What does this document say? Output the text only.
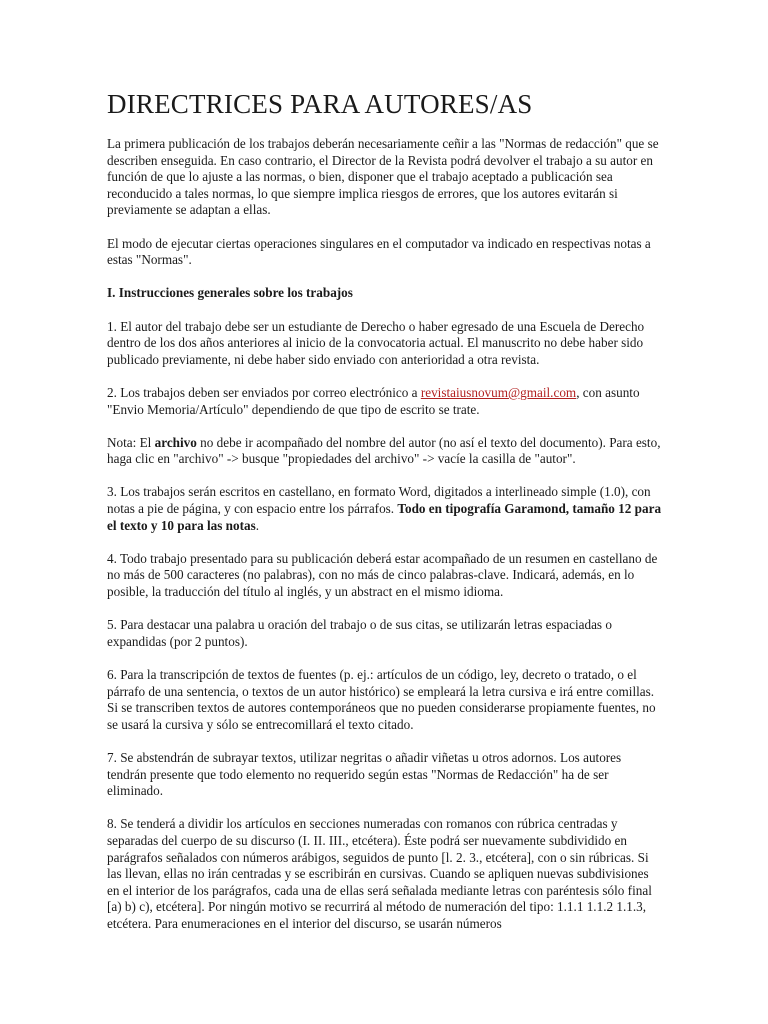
DIRECTRICES PARA AUTORES/AS

La primera publicación de los trabajos deberán necesariamente ceñir a las "Normas de redacción" que se describen enseguida. En caso contrario, el Director de la Revista podrá devolver el trabajo a su autor en función de que lo ajuste a las normas, o bien, disponer que el trabajo aceptado a publicación sea reconducido a tales normas, lo que siempre implica riesgos de errores, que los autores evitarán si previamente se adaptan a ellas.

El modo de ejecutar ciertas operaciones singulares en el computador va indicado en respectivas notas a estas "Normas".

I. Instrucciones generales sobre los trabajos

1. El autor del trabajo debe ser un estudiante de Derecho o haber egresado de una Escuela de Derecho dentro de los dos años anteriores al inicio de la convocatoria actual. El manuscrito no debe haber sido publicado previamente, ni debe haber sido enviado con anterioridad a otra revista.

2. Los trabajos deben ser enviados por correo electrónico a revistaiusnovum@gmail.com, con asunto "Envio Memoria/Artículo" dependiendo de que tipo de escrito se trate.

Nota: El archivo no debe ir acompañado del nombre del autor (no así el texto del documento). Para esto, haga clic en "archivo" -> busque "propiedades del archivo" -> vacíe la casilla de "autor".

3. Los trabajos serán escritos en castellano, en formato Word, digitados a interlineado simple (1.0), con notas a pie de página, y con espacio entre los párrafos. Todo en tipografía Garamond, tamaño 12 para el texto y 10 para las notas.

4. Todo trabajo presentado para su publicación deberá estar acompañado de un resumen en castellano de no más de 500 caracteres (no palabras), con no más de cinco palabras-clave. Indicará, además, en lo posible, la traducción del título al inglés, y un abstract en el mismo idioma.

5. Para destacar una palabra u oración del trabajo o de sus citas, se utilizarán letras espaciadas o expandidas (por 2 puntos).

6. Para la transcripción de textos de fuentes (p. ej.: artículos de un código, ley, decreto o tratado, o el párrafo de una sentencia, o textos de un autor histórico) se empleará la letra cursiva e irá entre comillas. Si se transcriben textos de autores contemporáneos que no pueden considerarse propiamente fuentes, no se usará la cursiva y sólo se entrecomillará el texto citado.

7. Se abstendrán de subrayar textos, utilizar negritas o añadir viñetas u otros adornos. Los autores tendrán presente que todo elemento no requerido según estas "Normas de Redacción" ha de ser eliminado.

8. Se tenderá a dividir los artículos en secciones numeradas con romanos con rúbrica centradas y separadas del cuerpo de su discurso (I. II. III., etcétera). Éste podrá ser nuevamente subdividido en parágrafos señalados con números arábigos, seguidos de punto [l. 2. 3., etcétera], con o sin rúbricas. Si las llevan, ellas no irán centradas y se escribirán en cursivas. Cuando se apliquen nuevas subdivisiones en el interior de los parágrafos, cada una de ellas será señalada mediante letras con paréntesis sólo final [a) b) c), etcétera]. Por ningún motivo se recurrirá al método de numeración del tipo: 1.1.1 1.1.2 1.1.3, etcétera. Para enumeraciones en el interior del discurso, se usarán números
